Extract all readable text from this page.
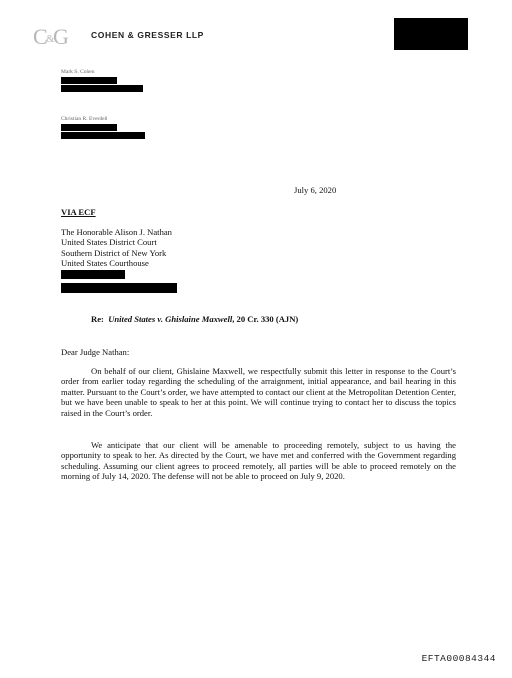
C
&
G	COHEN & GRESSER LLP
Mark S. Cohen
Christian R. Everdell
July 6, 2020
VIA ECF
The Honorable Alison J. Nathan
United States District Court
Southern District of New York
United States Courthouse
Re: United States v. Ghislaine Maxwell, 20 Cr. 330 (AJN)
Dear Judge Nathan:
On behalf of our client, Ghislaine Maxwell, we respectfully submit this letter in response to the Court’s order from earlier today regarding the scheduling of the arraignment, initial appearance, and bail hearing in this matter. Pursuant to the Court’s order, we have attempted to contact our client at the Metropolitan Detention Center, but we have been unable to speak to her at this point. We will continue trying to contact her to discuss the topics raised in the Court’s order.
We anticipate that our client will be amenable to proceeding remotely, subject to us having the opportunity to speak to her. As directed by the Court, we have met and conferred with the Government regarding scheduling. Assuming our client agrees to proceed remotely, all parties will be able to proceed remotely on the morning of July 14, 2020. The defense will not be able to proceed on July 9, 2020.
EFTA00084344
